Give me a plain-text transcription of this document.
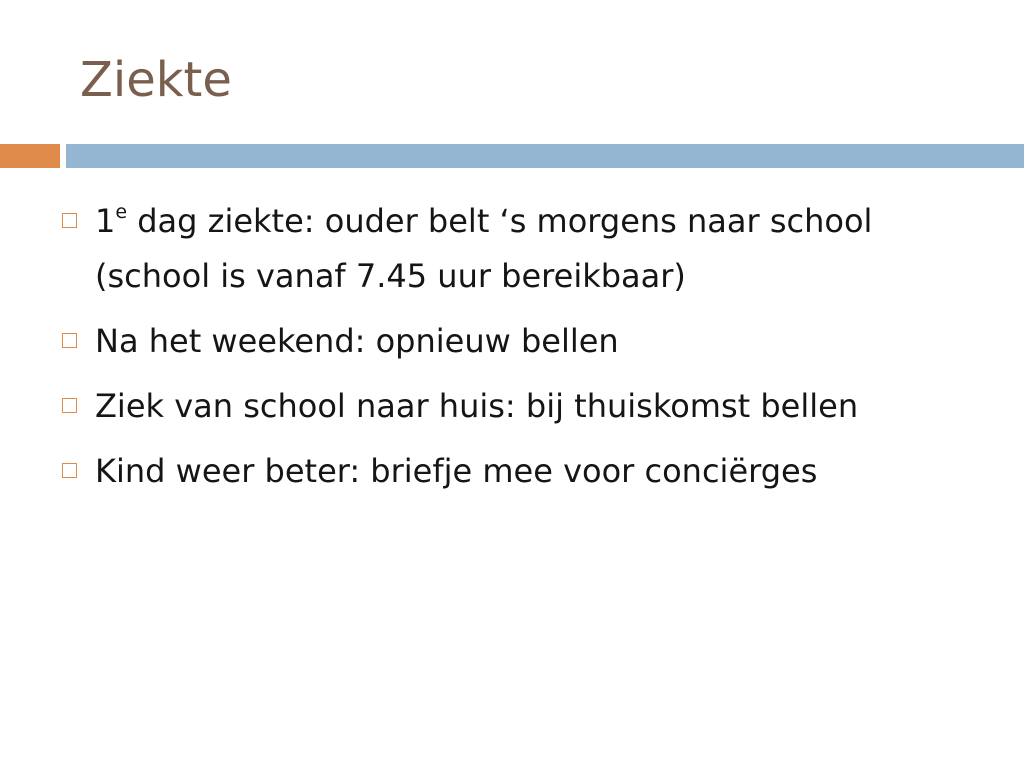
Ziekte
1e dag ziekte: ouder belt ‘s morgens naar school (school is vanaf 7.45 uur bereikbaar)
Na het weekend: opnieuw bellen
Ziek van school naar huis: bij thuiskomst bellen
Kind weer beter: briefje mee voor conciërges
